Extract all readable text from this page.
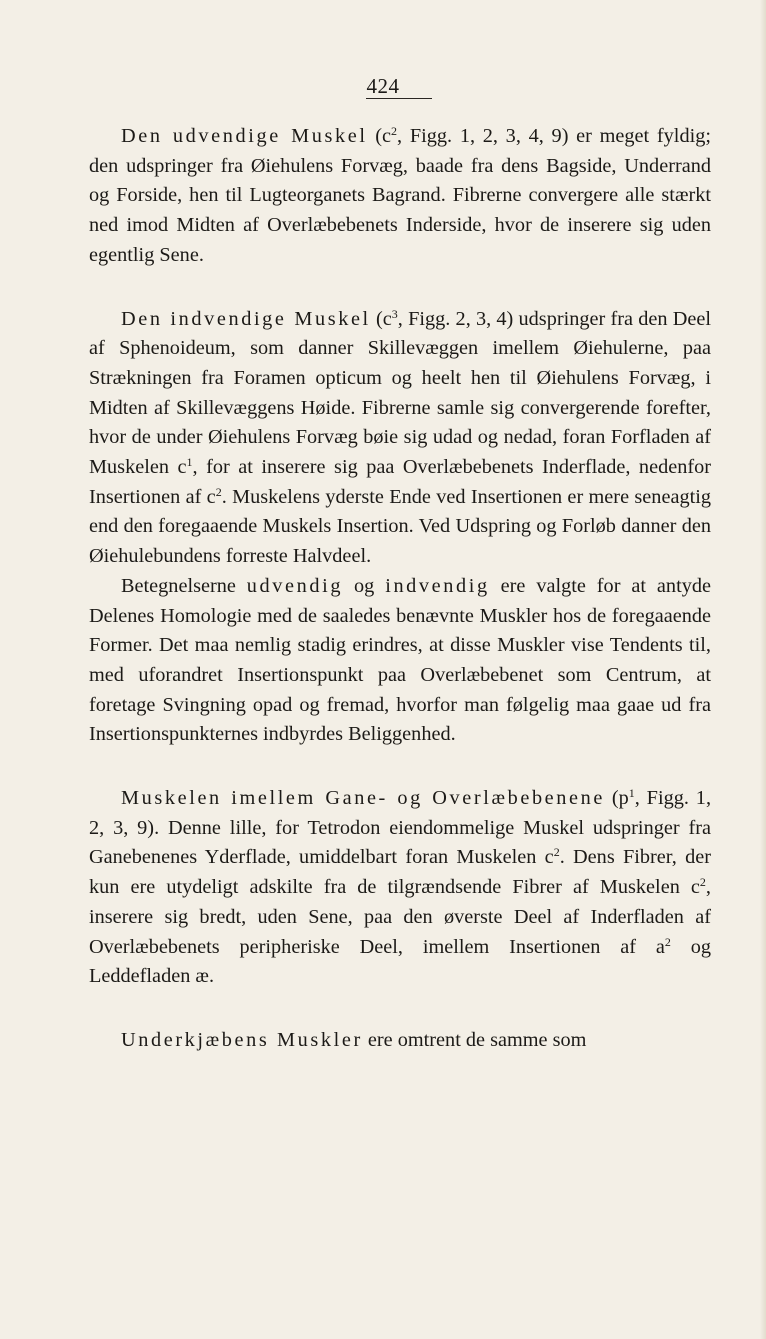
424

Den udvendige Muskel ($c^2$, Figg. 1, 2, 3, 4, 9) er meget fyldig; den udspringer fra Øiehulens Forvæg, baade fra dens Bagside, Underrand og Forside, hen til Lugteorganets Bagrand. Fibrerne convergere alle stærkt ned imod Midten af Overlæbebenets Inderside, hvor de inserere sig uden egentlig Sene.

Den indvendige Muskel ($c^3$, Figg. 2, 3, 4) udspringer fra den Deel af Sphenoideum, som danner Skillevæggen imellem Øiehulerne, paa Strækningen fra Foramen opticum og heelt hen til Øiehulens Forvæg, i Midten af Skillevæggens Høide. Fibrerne samle sig convergerende forefter, hvor de under Øiehulens Forvæg bøie sig udad og nedad, foran Forfladen af Muskelen $c^1$, for at inserere sig paa Overlæbebenets Inderflade, nedenfor Insertionen af $c^2$. Muskelens yderste Ende ved Insertionen er mere seneagtig end den foregaaende Muskels Insertion. Ved Udspring og Forløb danner den Øiehulebundens forreste Halvdeel.

Betegnelserne udvendig og indvendig ere valgte for at antyde Delenes Homologie med de saaledes benævnte Muskler hos de foregaaende Former. Det maa nemlig stadig erindres, at disse Muskler vise Tendents til, med uforandret Insertionspunkt paa Overlæbebenet som Centrum, at foretage Svingning opad og fremad, hvorfor man følgelig maa gaae ud fra Insertionspunkternes indbyrdes Beliggenhed.

Muskelen imellem Gane- og Overlæbebenene ($p^1$, Figg. 1, 2, 3, 9). Denne lille, for Tetrodon eiendommelige Muskel udspringer fra Ganebenenes Yderflade, umiddelbart foran Muskelen $c^2$. Dens Fibrer, der kun ere utydeligt adskilte fra de tilgrændsende Fibrer af Muskelen $c^2$, inserere sig bredt, uden Sene, paa den øverste Deel af Inderfladen af Overlæbebenets peripheriske Deel, imellem Insertionen af $a^2$ og Leddefladen æ.

Underkjæbens Muskler ere omtrent de samme som
